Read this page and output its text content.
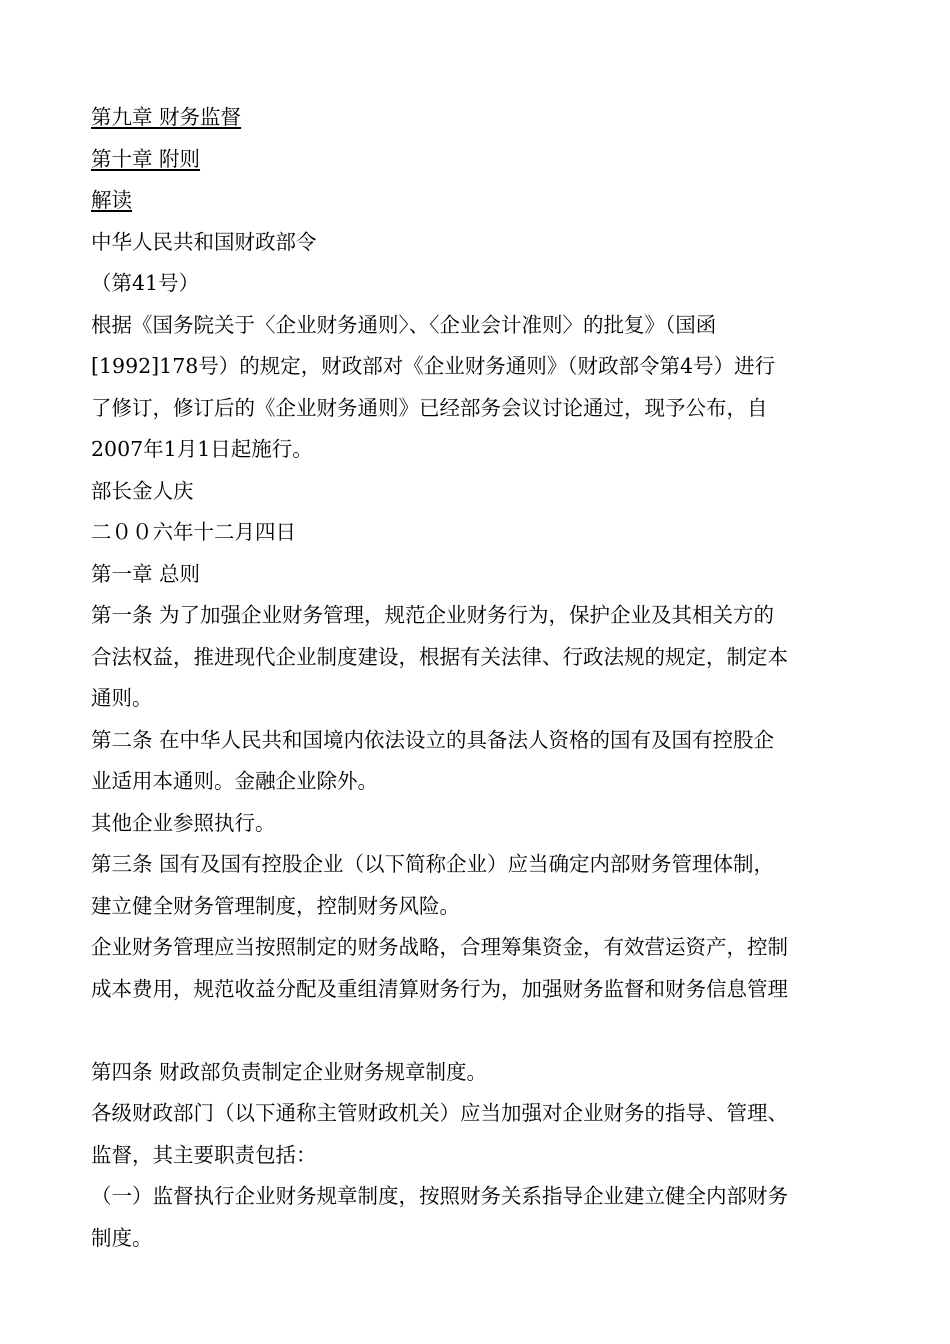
第九章 财务监督
第十章 附则
解读
中华人民共和国财政部令
（第41号）
根据《国务院关于〈企业财务通则〉、〈企业会计准则〉的批复》（国函
[1992]178号）的规定，财政部对《企业财务通则》（财政部令第4号）进行
了修订，修订后的《企业财务通则》已经部务会议讨论通过，现予公布，自
2007年1月1日起施行。
部长金人庆
二００六年十二月四日
第一章 总则
第一条 为了加强企业财务管理，规范企业财务行为，保护企业及其相关方的
合法权益，推进现代企业制度建设，根据有关法律、行政法规的规定，制定本
通则。
第二条 在中华人民共和国境内依法设立的具备法人资格的国有及国有控股企
业适用本通则。金融企业除外。
其他企业参照执行。
第三条 国有及国有控股企业（以下简称企业）应当确定内部财务管理体制，
建立健全财务管理制度，控制财务风险。
企业财务管理应当按照制定的财务战略，合理筹集资金，有效营运资产，控制
成本费用，规范收益分配及重组清算财务行为，加强财务监督和财务信息管理
第四条 财政部负责制定企业财务规章制度。
各级财政部门（以下通称主管财政机关）应当加强对企业财务的指导、管理、
监督，其主要职责包括：
（一）监督执行企业财务规章制度，按照财务关系指导企业建立健全内部财务
制度。
